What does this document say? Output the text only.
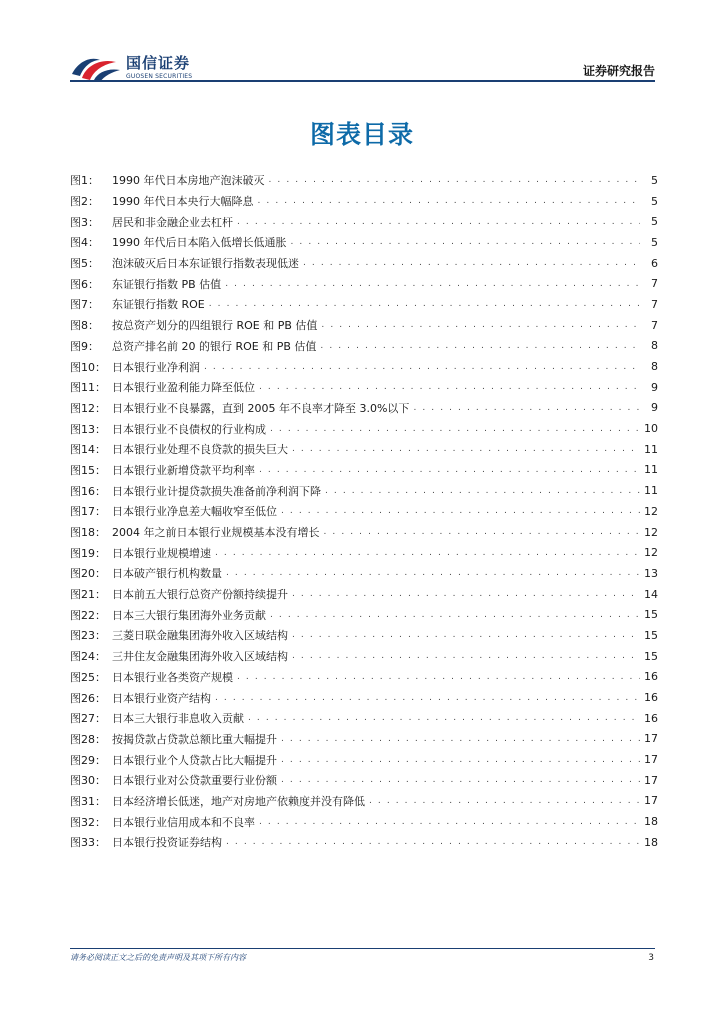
国信证券
GUOSEN SECURITIES	证券研究报告
图表目录
图1：	1990 年代日本房地产泡沫破灭 . . .	5
图2：	1990 年代日本央行大幅降息 . . .	5
图3：	居民和非金融企业去杠杆 . . .	5
图4：	1990 年代后日本陷入低增长低通胀 . . .	5
图5：	泡沫破灭后日本东证银行指数表现低迷 . . .	6
图6：	东证银行指数 PB 估值 . . .	7
图7：	东证银行指数 ROE . . .	7
图8：	按总资产划分的四组银行 ROE 和 PB 估值 . . .	7
图9：	总资产排名前 20 的银行 ROE 和 PB 估值 . . .	8
图10： 日本银行业净利润 . . .	8
图11： 日本银行业盈利能力降至低位 . . .	9
图12： 日本银行业不良暴露，直到 2005 年不良率才降至 3.0%以下 . . .	9
图13： 日本银行业不良债权的行业构成 . . .	10
图14： 日本银行业处理不良贷款的损失巨大 . . .	11
图15： 日本银行业新增贷款平均利率 . . .	11
图16： 日本银行业计提贷款损失准备前净利润下降 . . .	11
图17： 日本银行业净息差大幅收窄至低位 . . .	12
图18： 2004 年之前日本银行业规模基本没有增长 . . .	12
图19： 日本银行业规模增速 . . .	12
图20： 日本破产银行机构数量 . . .	13
图21： 日本前五大银行总资产份额持续提升 . . .	14
图22： 日本三大银行集团海外业务贡献 . . .	15
图23： 三菱日联金融集团海外收入区域结构 . . .	15
图24： 三井住友金融集团海外收入区域结构 . . .	15
图25： 日本银行业各类资产规模 . . .	16
图26： 日本银行业资产结构 . . .	16
图27： 日本三大银行非息收入贡献 . . .	16
图28： 按揭贷款占贷款总额比重大幅提升 . . .	17
图29： 日本银行业个人贷款占比大幅提升 . . .	17
图30： 日本银行业对公贷款重要行业份额 . . .	17
图31： 日本经济增长低迷，地产对房地产依赖度并没有降低 . . .	17
图32： 日本银行业信用成本和不良率 . . .	18
图33： 日本银行投资证券结构 . . .	18
请务必阅读正文之后的免责声明及其项下所有内容	3
